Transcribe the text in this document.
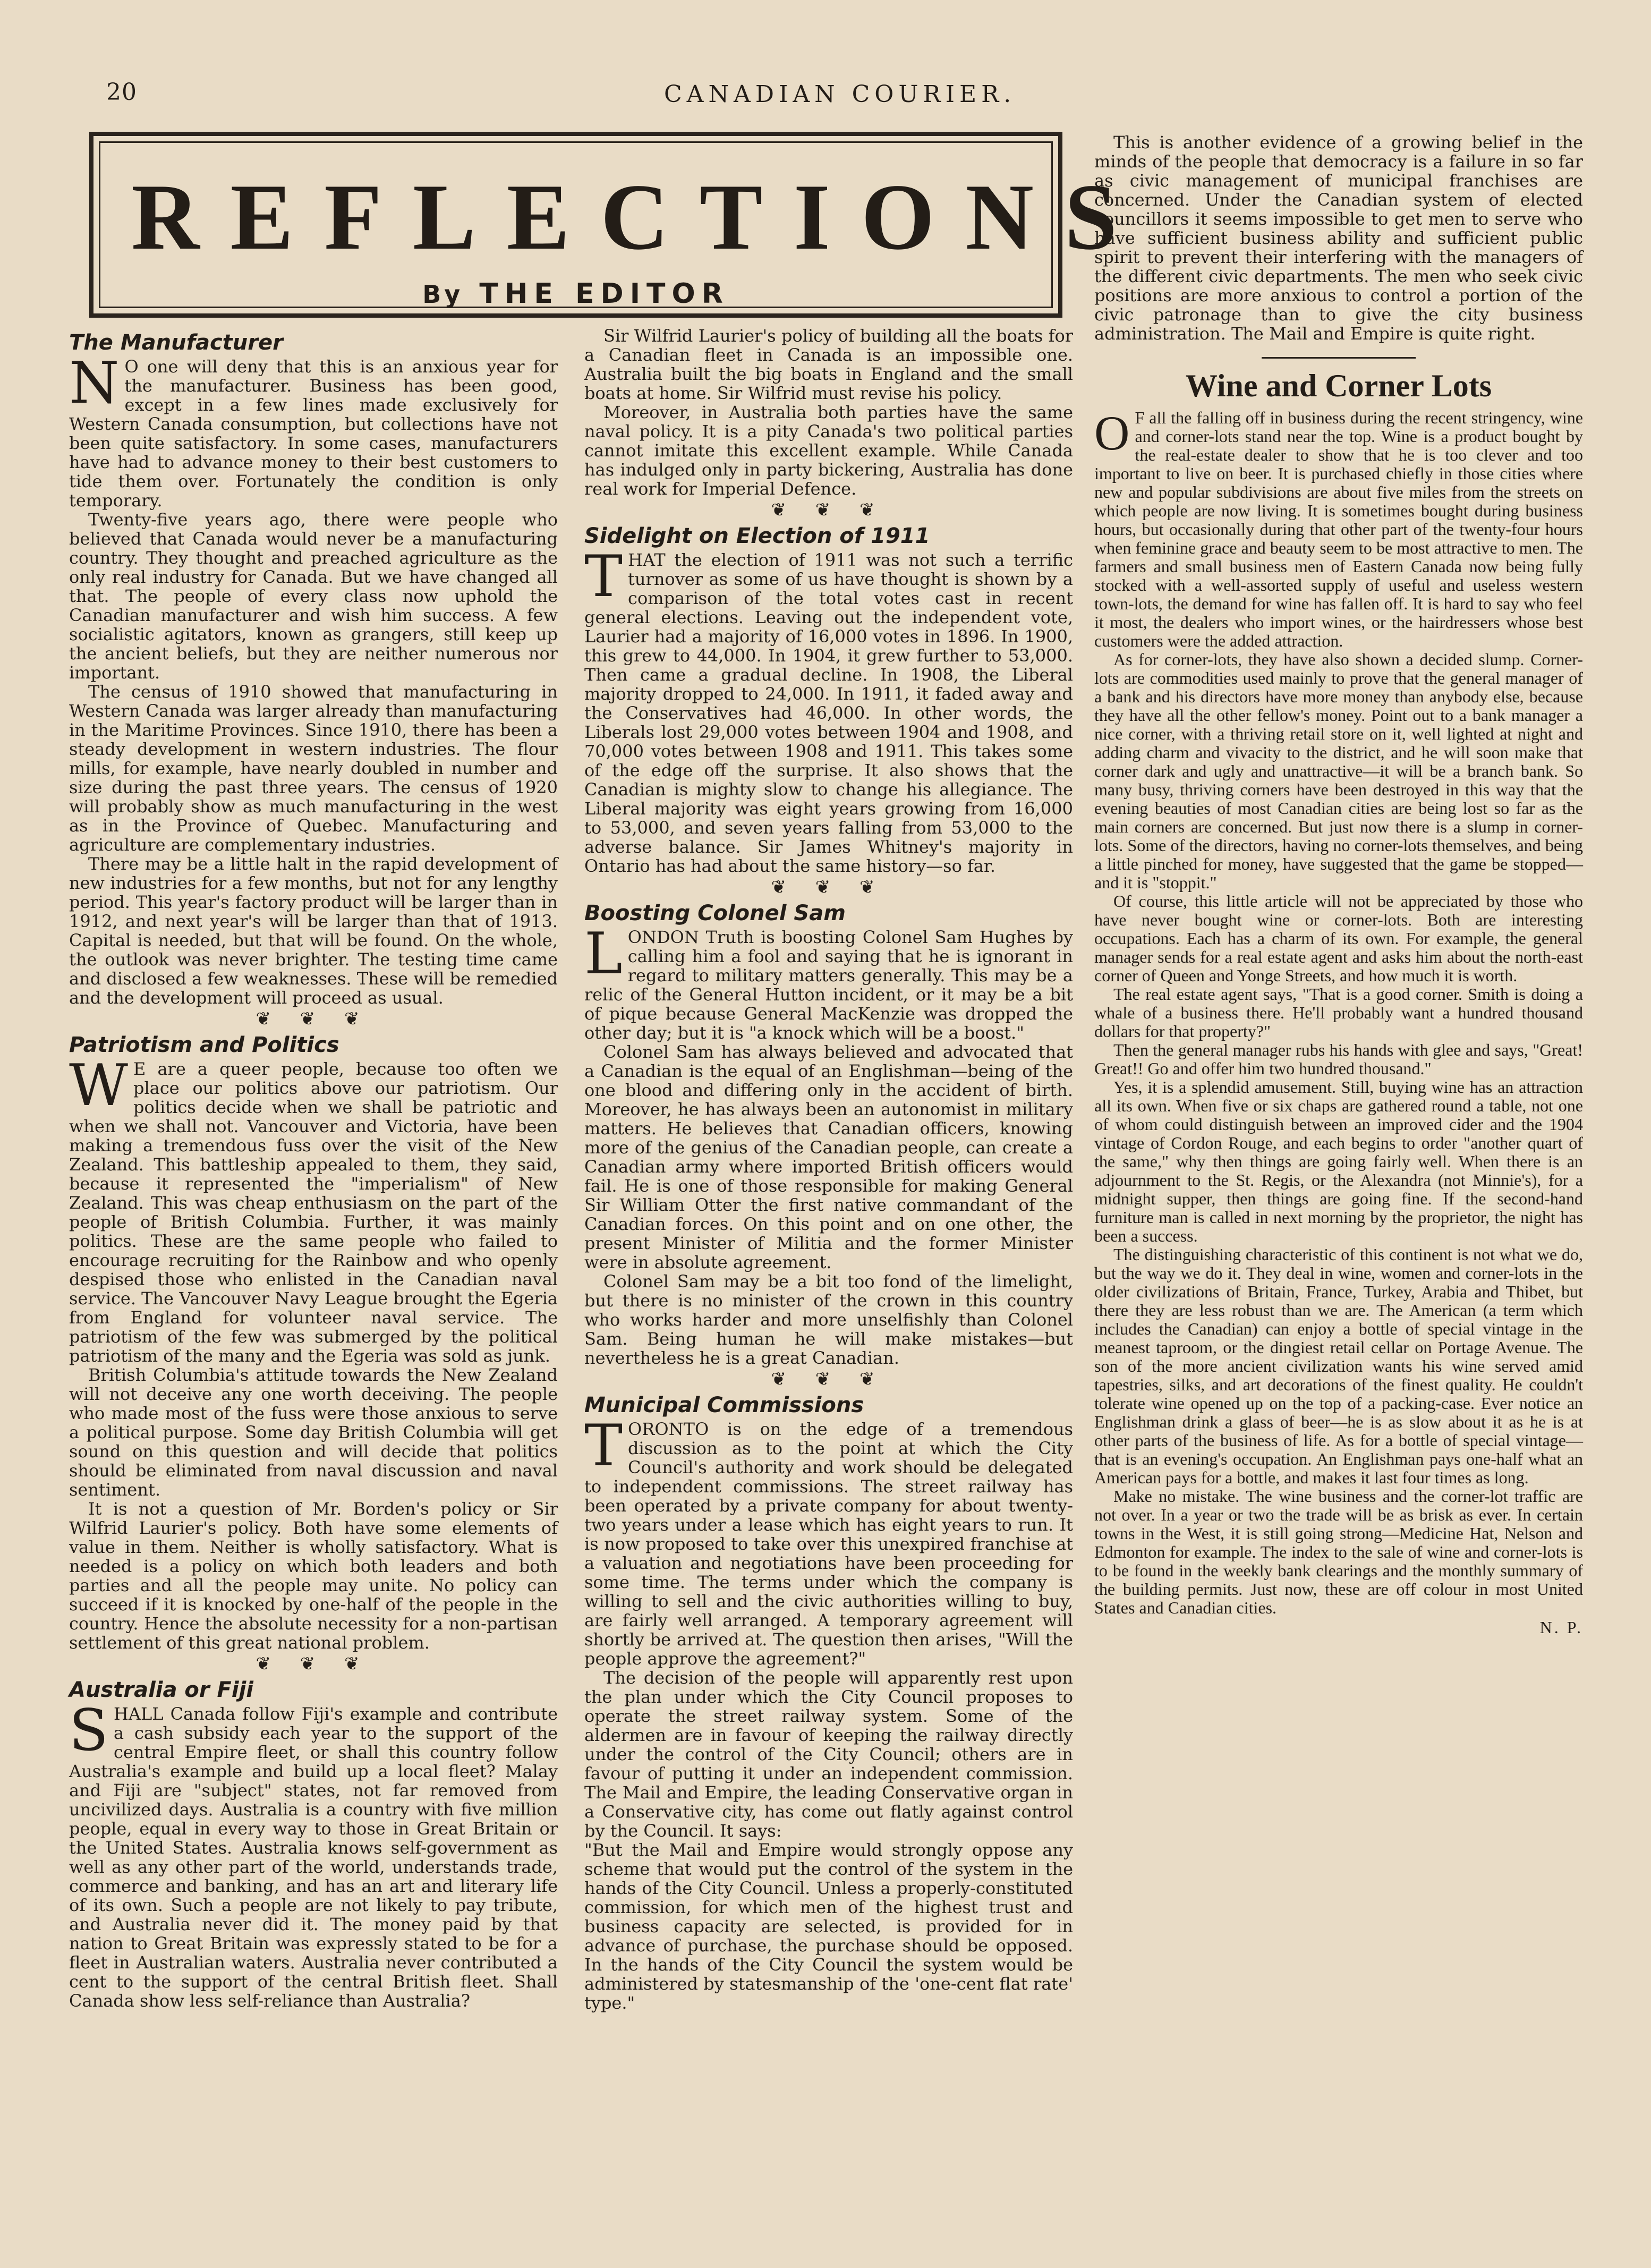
20	CANADIAN COURIER.
REFLECTIONS
By THE EDITOR
The Manufacturer

NO one will deny that this is an anxious year for the manufacturer. Business has been good, except in a few lines made exclusively for Western Canada consumption, but collections have not been quite satisfactory. In some cases, manufacturers have had to advance money to their best customers to tide them over. Fortunately the condition is only temporary.

Twenty-five years ago, there were people who believed that Canada would never be a manufacturing country. They thought and preached agriculture as the only real industry for Canada. But we have changed all that. The people of every class now uphold the Canadian manufacturer and wish him success. A few socialistic agitators, known as grangers, still keep up the ancient beliefs, but they are neither numerous nor important.

The census of 1910 showed that manufacturing in Western Canada was larger already than manufacturing in the Maritime Provinces. Since 1910, there has been a steady development in western industries. The flour mills, for example, have nearly doubled in number and size during the past three years. The census of 1920 will probably show as much manufacturing in the west as in the Province of Quebec. Manufacturing and agriculture are complementary industries.

There may be a little halt in the rapid development of new industries for a few months, but not for any lengthy period. This year's factory product will be larger than in 1912, and next year's will be larger than that of 1913. Capital is needed, but that will be found. On the whole, the outlook was never brighter. The testing time came and disclosed a few weaknesses. These will be remedied and the development will proceed as usual.

❦ ❦ ❦
Patriotism and Politics

WE are a queer people, because too often we place our politics above our patriotism. Our politics decide when we shall be patriotic and when we shall not. Vancouver and Victoria, have been making a tremendous fuss over the visit of the New Zealand. This battleship appealed to them, they said, because it represented the "imperialism" of New Zealand. This was cheap enthusiasm on the part of the people of British Columbia. Further, it was mainly politics. These are the same people who failed to encourage recruiting for the Rainbow and who openly despised those who enlisted in the Canadian naval service. The Vancouver Navy League brought the Egeria from England for volunteer naval service. The patriotism of the few was submerged by the political patriotism of the many and the Egeria was sold as junk.

British Columbia's attitude towards the New Zealand will not deceive any one worth deceiving. The people who made most of the fuss were those anxious to serve a political purpose. Some day British Columbia will get sound on this question and will decide that politics should be eliminated from naval discussion and naval sentiment.

It is not a question of Mr. Borden's policy or Sir Wilfrid Laurier's policy. Both have some elements of value in them. Neither is wholly satisfactory. What is needed is a policy on which both leaders and both parties and all the people may unite. No policy can succeed if it is knocked by one-half of the people in the country. Hence the absolute necessity for a non-partisan settlement of this great national problem.

❦ ❦ ❦
Australia or Fiji

SHALL Canada follow Fiji's example and contribute a cash subsidy each year to the support of the central Empire fleet, or shall this country follow Australia's example and build up a local fleet? Malay and Fiji are "subject" states, not far removed from uncivilized days. Australia is a country with five million people, equal in every way to those in Great Britain or the United States. Australia knows self-government as well as any other part of the world, understands trade, commerce and banking, and has an art and literary life of its own. Such a people are not likely to pay tribute, and Australia never did it. The money paid by that nation to Great Britain was expressly stated to be for a fleet in Australian waters. Australia never contributed a cent to the support of the central British fleet. Shall Canada show less self-reliance than Australia?

Sir Wilfrid Laurier's policy of building all the boats for a Canadian fleet in Canada is an impossible one. Australia built the big boats in England and the small boats at home. Sir Wilfrid must revise his policy.

Moreover, in Australia both parties have the same naval policy. It is a pity Canada's two political parties cannot imitate this excellent example. While Canada has indulged only in party bickering, Australia has done real work for Imperial Defence.

❦ ❦ ❦
Sidelight on Election of 1911

THAT the election of 1911 was not such a terrific turnover as some of us have thought is shown by a comparison of the total votes cast in recent general elections. Leaving out the independent vote, Laurier had a majority of 16,000 votes in 1896. In 1900, this grew to 44,000. In 1904, it grew further to 53,000. Then came a gradual decline. In 1908, the Liberal majority dropped to 24,000. In 1911, it faded away and the Conservatives had 46,000. In other words, the Liberals lost 29,000 votes between 1904 and 1908, and 70,000 votes between 1908 and 1911. This takes some of the edge off the surprise. It also shows that the Canadian is mighty slow to change his allegiance. The Liberal majority was eight years growing from 16,000 to 53,000, and seven years falling from 53,000 to the adverse balance. Sir James Whitney's majority in Ontario has had about the same history—so far.

❦ ❦ ❦
Boosting Colonel Sam

LONDON Truth is boosting Colonel Sam Hughes by calling him a fool and saying that he is ignorant in regard to military matters generally. This may be a relic of the General Hutton incident, or it may be a bit of pique because General MacKenzie was dropped the other day; but it is "a knock which will be a boost."

Colonel Sam has always believed and advocated that a Canadian is the equal of an Englishman—being of the one blood and differing only in the accident of birth. Moreover, he has always been an autonomist in military matters. He believes that Canadian officers, knowing more of the genius of the Canadian people, can create a Canadian army where imported British officers would fail. He is one of those responsible for making General Sir William Otter the first native commandant of the Canadian forces. On this point and on one other, the present Minister of Militia and the former Minister were in absolute agreement.

Colonel Sam may be a bit too fond of the limelight, but there is no minister of the crown in this country who works harder and more unselfishly than Colonel Sam. Being human he will make mistakes—but nevertheless he is a great Canadian.

❦ ❦ ❦
Municipal Commissions

TORONTO is on the edge of a tremendous discussion as to the point at which the City Council's authority and work should be delegated to independent commissions. The street railway has been operated by a private company for about twenty-two years under a lease which has eight years to run. It is now proposed to take over this unexpired franchise at a valuation and negotiations have been proceeding for some time. The terms under which the company is willing to sell and the civic authorities willing to buy, are fairly well arranged. A temporary agreement will shortly be arrived at. The question then arises, "Will the people approve the agreement?"

The decision of the people will apparently rest upon the plan under which the City Council proposes to operate the street railway system. Some of the aldermen are in favour of keeping the railway directly under the control of the City Council; others are in favour of putting it under an independent commission. The Mail and Empire, the leading Conservative organ in a Conservative city, has come out flatly against control by the Council. It says:

"But the Mail and Empire would strongly oppose any scheme that would put the control of the system in the hands of the City Council. Unless a properly-constituted commission, for which men of the highest trust and business capacity are selected, is provided for in advance of purchase, the purchase should be opposed. In the hands of the City Council the system would be administered by statesmanship of the 'one-cent flat rate' type."

This is another evidence of a growing belief in the minds of the people that democracy is a failure in so far as civic management of municipal franchises are concerned. Under the Canadian system of elected councillors it seems impossible to get men to serve who have sufficient business ability and sufficient public spirit to prevent their interfering with the managers of the different civic departments. The men who seek civic positions are more anxious to control a portion of the civic patronage than to give the city business administration. The Mail and Empire is quite right.

Wine and Corner Lots

OF all the falling off in business during the recent stringency, wine and corner-lots stand near the top. Wine is a product bought by the real-estate dealer to show that he is too clever and too important to live on beer. It is purchased chiefly in those cities where new and popular subdivisions are about five miles from the streets on which people are now living. It is sometimes bought during business hours, but occasionally during that other part of the twenty-four hours when feminine grace and beauty seem to be most attractive to men. The farmers and small business men of Eastern Canada now being fully stocked with a well-assorted supply of useful and useless western town-lots, the demand for wine has fallen off. It is hard to say who feel it most, the dealers who import wines, or the hairdressers whose best customers were the added attraction.

As for corner-lots, they have also shown a decided slump. Corner-lots are commodities used mainly to prove that the general manager of a bank and his directors have more money than anybody else, because they have all the other fellow's money. Point out to a bank manager a nice corner, with a thriving retail store on it, well lighted at night and adding charm and vivacity to the district, and he will soon make that corner dark and ugly and unattractive—it will be a branch bank. So many busy, thriving corners have been destroyed in this way that the evening beauties of most Canadian cities are being lost so far as the main corners are concerned. But just now there is a slump in corner-lots. Some of the directors, having no corner-lots themselves, and being a little pinched for money, have suggested that the game be stopped—and it is "stoppit."

Of course, this little article will not be appreciated by those who have never bought wine or corner-lots. Both are interesting occupations. Each has a charm of its own. For example, the general manager sends for a real estate agent and asks him about the north-east corner of Queen and Yonge Streets, and how much it is worth.

The real estate agent says, "That is a good corner. Smith is doing a whale of a business there. He'll probably want a hundred thousand dollars for that property?"

Then the general manager rubs his hands with glee and says, "Great! Great!! Go and offer him two hundred thousand."

Yes, it is a splendid amusement. Still, buying wine has an attraction all its own. When five or six chaps are gathered round a table, not one of whom could distinguish between an improved cider and the 1904 vintage of Cordon Rouge, and each begins to order "another quart of the same," why then things are going fairly well. When there is an adjournment to the St. Regis, or the Alexandra (not Minnie's), for a midnight supper, then things are going fine. If the second-hand furniture man is called in next morning by the proprietor, the night has been a success.

The distinguishing characteristic of this continent is not what we do, but the way we do it. They deal in wine, women and corner-lots in the older civilizations of Britain, France, Turkey, Arabia and Thibet, but there they are less robust than we are. The American (a term which includes the Canadian) can enjoy a bottle of special vintage in the meanest taproom, or the dingiest retail cellar on Portage Avenue. The son of the more ancient civilization wants his wine served amid tapestries, silks, and art decorations of the finest quality. He couldn't tolerate wine opened up on the top of a packing-case. Ever notice an Englishman drink a glass of beer—he is as slow about it as he is at other parts of the business of life. As for a bottle of special vintage—that is an evening's occupation. An Englishman pays one-half what an American pays for a bottle, and makes it last four times as long.

Make no mistake. The wine business and the corner-lot traffic are not over. In a year or two the trade will be as brisk as ever. In certain towns in the West, it is still going strong—Medicine Hat, Nelson and Edmonton for example. The index to the sale of wine and corner-lots is to be found in the weekly bank clearings and the monthly summary of the building permits. Just now, these are off colour in most United States and Canadian cities.

N. P.
